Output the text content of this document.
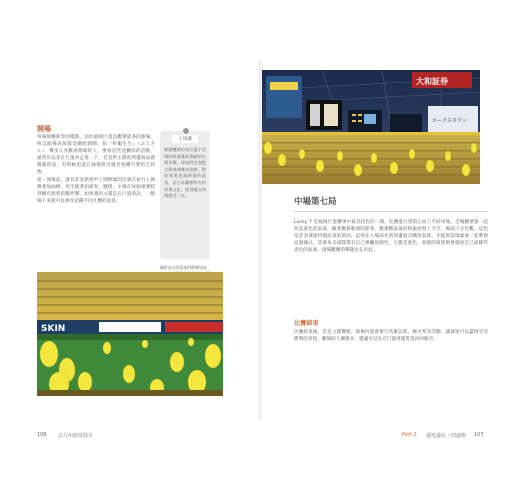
開場
每場球賽節奏同樣熱，由於福岡巨蛋是觀眾最多的球場，所以開場表演都是繽紛熱鬧，如「和服生生」（ぷうさん）、聲多人喜歡看開球的人，要看這些比賽前的活動，通常可以先在巨蛋內走逛一下，若是對主隊的周邊商品感興趣的話，有時候也能在球場附近遇見各種可愛的吉祥物。
從一開場起，就有許多熱愛甲子園棒球的民眾在看台上揮舞著加油棒，用手跟著拍節奏、應援，主場在每個重要時刻總有熱烈的歡呼聲，如果遇到主隊是在巨蛋的話，一整場下來就可以感受這種不同凡響的氣氛。
小知識
軟銀鷹隊的每位選手登場時都會播放專屬的出場音樂，球迷們也會配合節奏揮舞加油棒，整座球場充滿熱情的氣氛，是日本職棒特有的球場文化，值得親自到場感受一次。
攝影前方的球迷們揮舞加油
SKIN
106 北九州旅遊散步
大和証券
ホークスタウン
中場第七局
Lucky 7 是福岡巨蛋賽事中最具特色的一環，比賽進行到第七局上半結束後，全場觀眾會一起吹起黃色的氣球，隨著應援歌曲的節奏，數萬顆氣球同時施放飛上天空，場面十分壯觀。這也是許多球迷特地前來的原因，記得在入場前先到周邊商店購買氣球，才能與當地球迷一起參與這個儀式。其實每支球隊都有自己專屬的顏色，主隊是黃色，客隊的球迷則會施放自己球隊代表色的氣球，現場觀賽的樂趣也在於此。
比賽結束
比賽結束後，若是主隊獲勝，球場內還會舉行英雄訪問、煙火秀等活動，讓球迷可以盡情享受勝利的喜悅。離場時人潮眾多，建議可以先在巨蛋周邊逛逛再回飯店。
Part 2 邊逛邊玩・四處跑 107
